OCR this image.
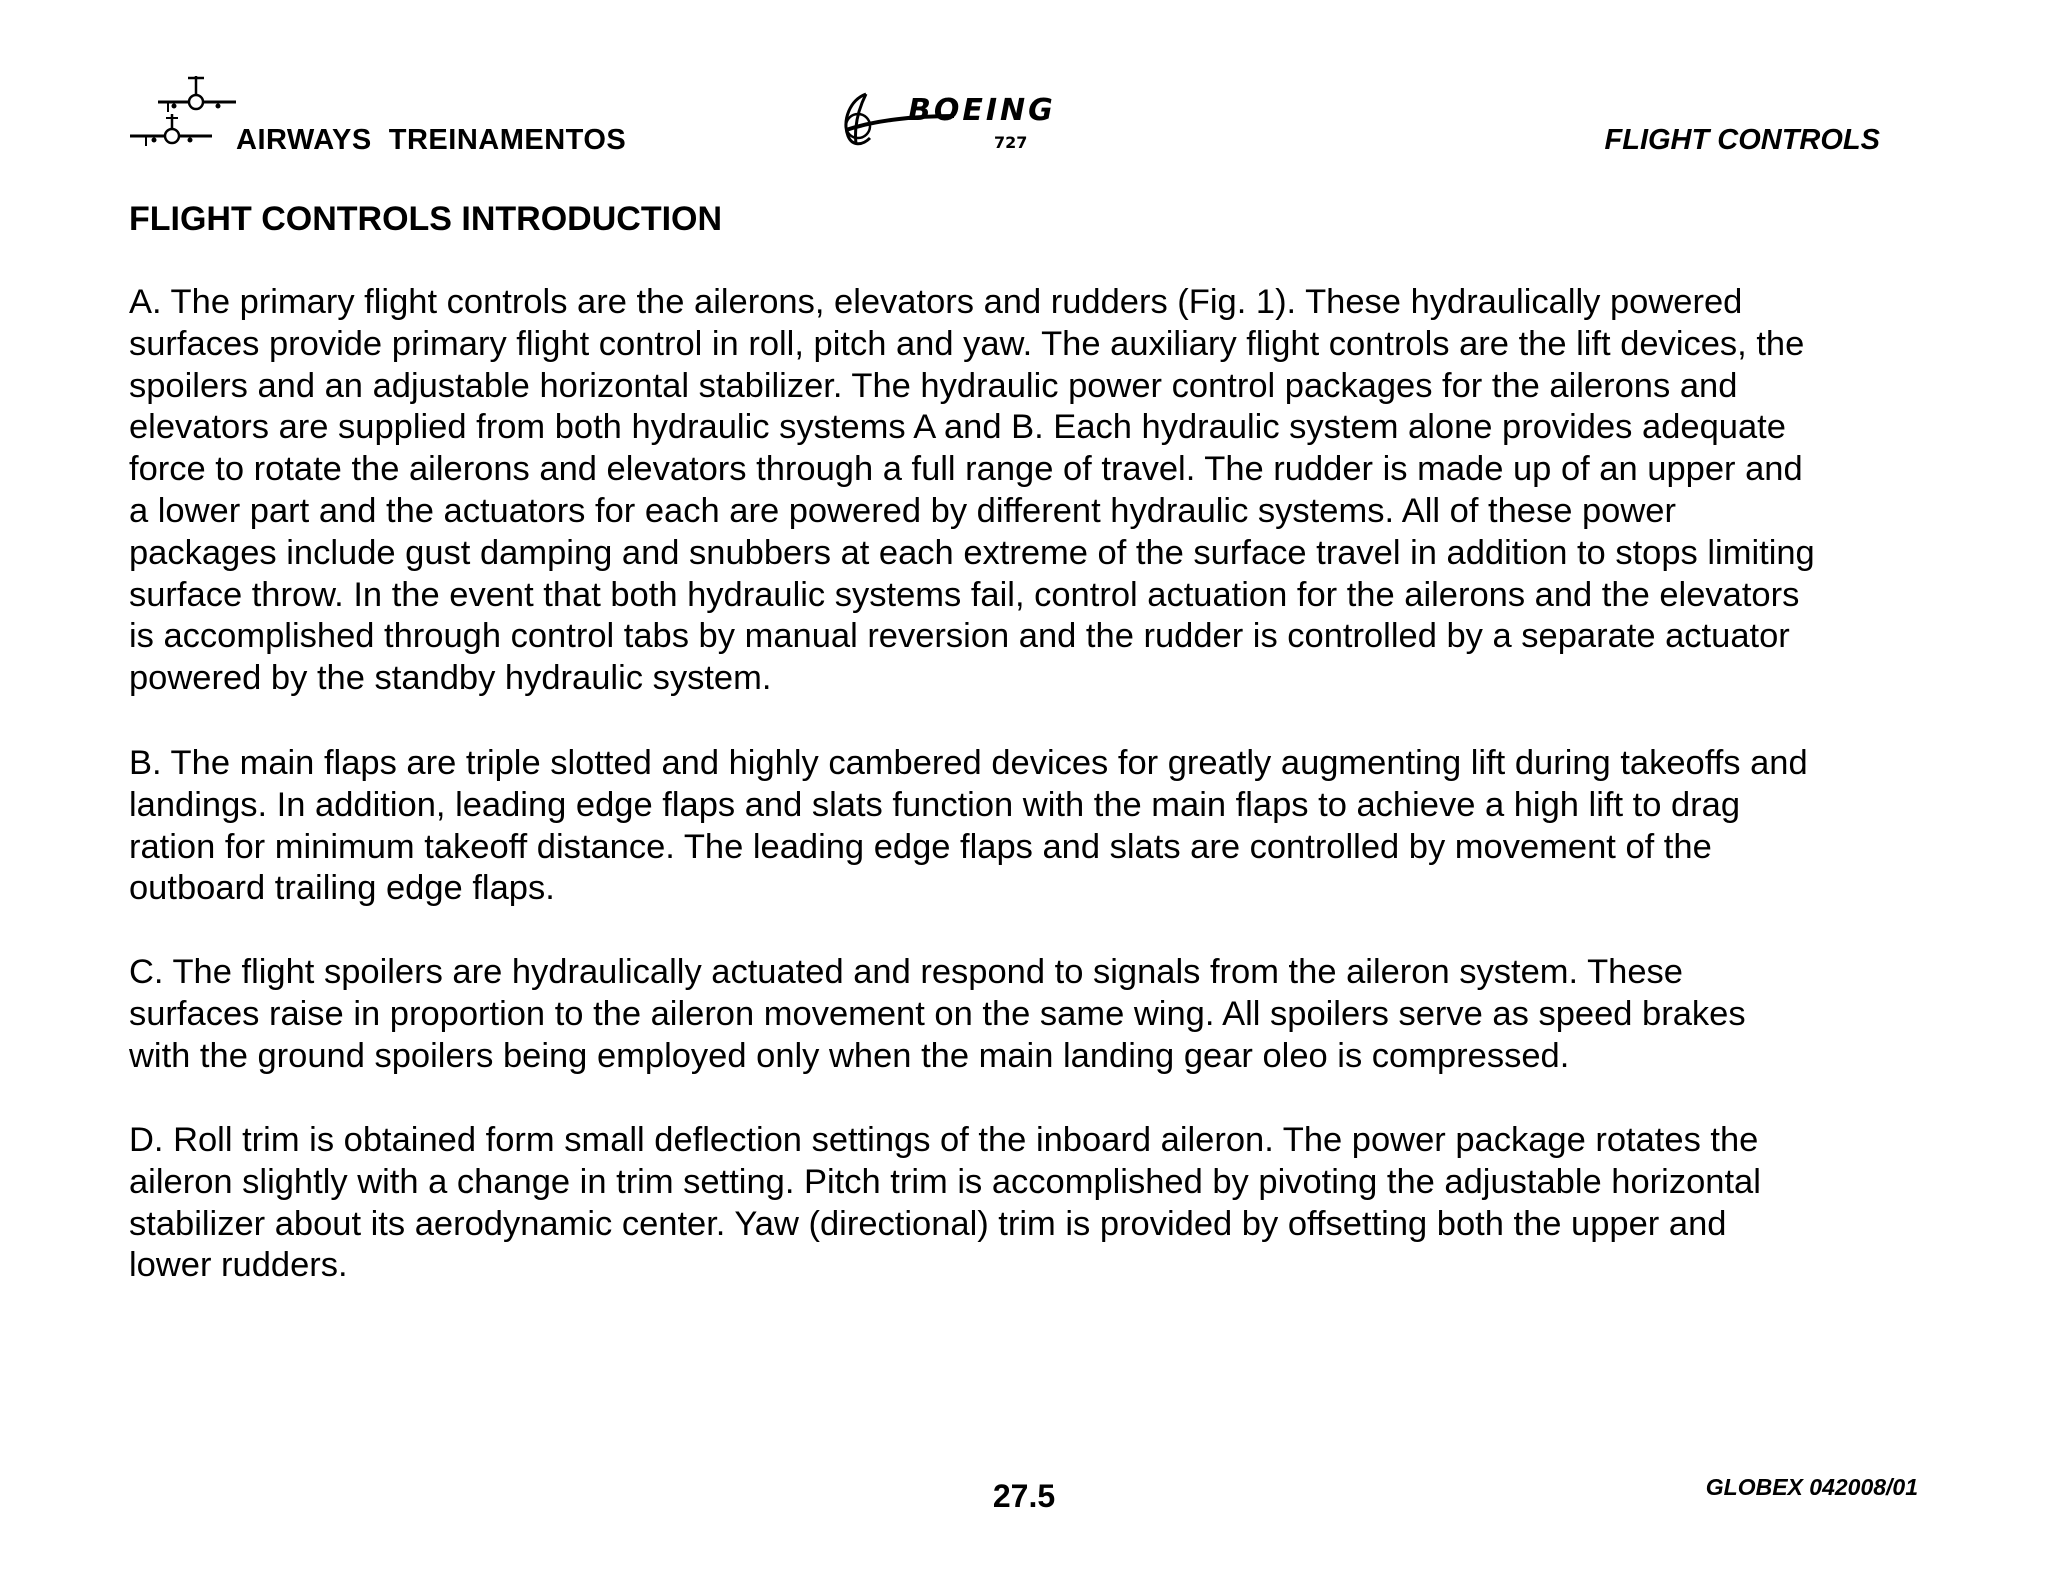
AIRWAYS  TREINAMENTOS
BOEING
727	FLIGHT CONTROLS
FLIGHT CONTROLS INTRODUCTION

A. The primary flight controls are the ailerons, elevators and rudders (Fig. 1). These hydraulically powered
surfaces provide primary flight control in roll, pitch and yaw. The auxiliary flight controls are the lift devices, the
spoilers and an adjustable horizontal stabilizer. The hydraulic power control packages for the ailerons and
elevators are supplied from both hydraulic systems A and B. Each hydraulic system alone provides adequate
force to rotate the ailerons and elevators through a full range of travel. The rudder is made up of an upper and
a lower part and the actuators for each are powered by different hydraulic systems. All of these power
packages include gust damping and snubbers at each extreme of the surface travel in addition to stops limiting
surface throw. In the event that both hydraulic systems fail, control actuation for the ailerons and the elevators
is accomplished through control tabs by manual reversion and the rudder is controlled by a separate actuator
powered by the standby hydraulic system.

B. The main flaps are triple slotted and highly cambered devices for greatly augmenting lift during takeoffs and
landings. In addition, leading edge flaps and slats function with the main flaps to achieve a high lift to drag
ration for minimum takeoff distance. The leading edge flaps and slats are controlled by movement of the
outboard trailing edge flaps.

C. The flight spoilers are hydraulically actuated and respond to signals from the aileron system. These
surfaces raise in proportion to the aileron movement on the same wing. All spoilers serve as speed brakes
with the ground spoilers being employed only when the main landing gear oleo is compressed.

D. Roll trim is obtained form small deflection settings of the inboard aileron. The power package rotates the
aileron slightly with a change in trim setting. Pitch trim is accomplished by pivoting the adjustable horizontal
stabilizer about its aerodynamic center. Yaw (directional) trim is provided by offsetting both the upper and
lower rudders.

27.5	GLOBEX 042008/01
